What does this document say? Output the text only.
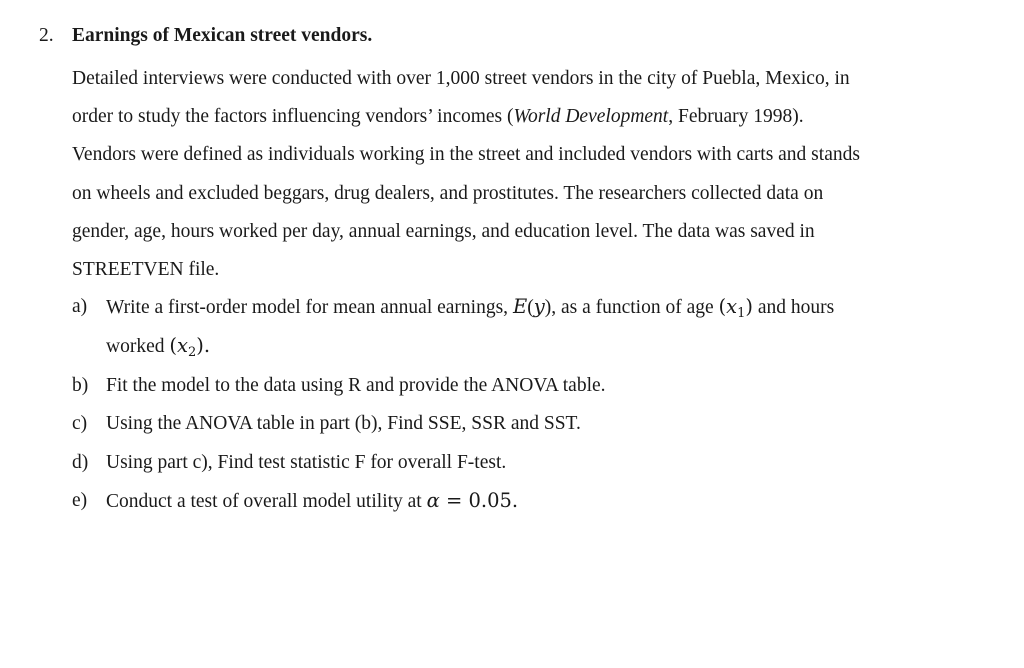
2. Earnings of Mexican street vendors.

Detailed interviews were conducted with over 1,000 street vendors in the city of Puebla, Mexico, in
order to study the factors influencing vendors’ incomes (World Development, February 1998).
Vendors were defined as individuals working in the street and included vendors with carts and stands
on wheels and excluded beggars, drug dealers, and prostitutes. The researchers collected data on
gender, age, hours worked per day, annual earnings, and education level. The data was saved in
STREETVEN file.

a) Write a first-order model for mean annual earnings, E(y), as a function of age $(x_1)$ and hours
worked $(x_2)$.
b) Fit the model to the data using R and provide the ANOVA table.
c) Using the ANOVA table in part (b), Find SSE, SSR and SST.
d) Using part c), Find test statistic F for overall F-test.
e) Conduct a test of overall model utility at α = 0.05.
